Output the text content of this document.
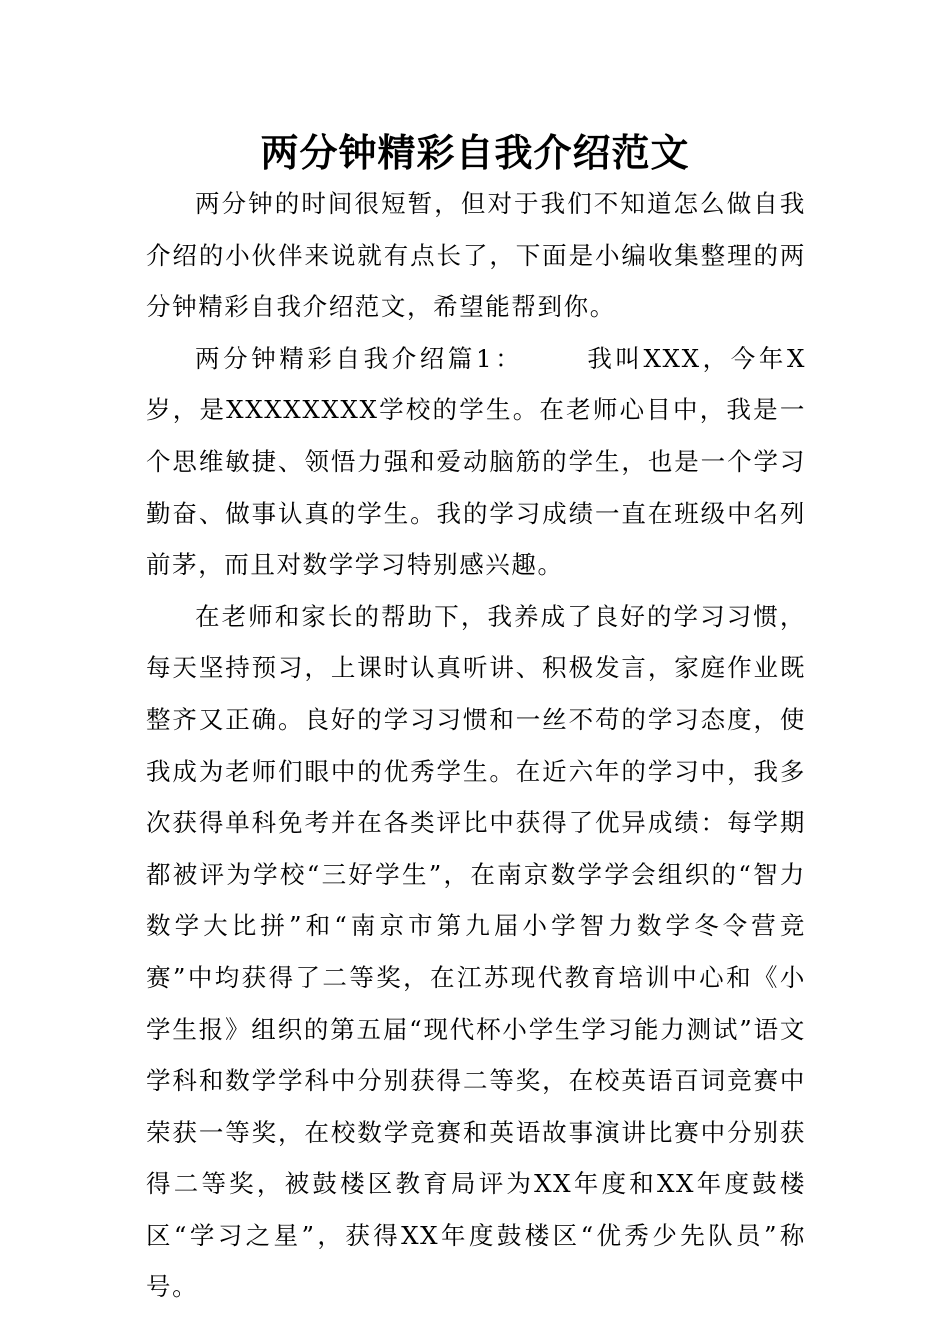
两分钟精彩自我介绍范文

两分钟的时间很短暂，但对于我们不知道怎么做自我介绍的小伙伴来说就有点长了，下面是小编收集整理的两分钟精彩自我介绍范文，希望能帮到你。

两分钟精彩自我介绍篇1：	我叫XXX，今年X岁，是XXXXXXXX学校的学生。在老师心目中，我是一个思维敏捷、领悟力强和爱动脑筋的学生，也是一个学习勤奋、做事认真的学生。我的学习成绩一直在班级中名列前茅，而且对数学学习特别感兴趣。

在老师和家长的帮助下，我养成了良好的学习习惯，每天坚持预习，上课时认真听讲、积极发言，家庭作业既整齐又正确。良好的学习习惯和一丝不苟的学习态度，使我成为老师们眼中的优秀学生。在近六年的学习中，我多次获得单科免考并在各类评比中获得了优异成绩：每学期都被评为学校“三好学生”，在南京数学学会组织的“智力数学大比拼”和“南京市第九届小学智力数学冬令营竞赛”中均获得了二等奖，在江苏现代教育培训中心和《小学生报》组织的第五届“现代杯小学生学习能力测试”语文学科和数学学科中分别获得二等奖，在校英语百词竞赛中荣获一等奖，在校数学竞赛和英语故事演讲比赛中分别获得二等奖，被鼓楼区教育局评为XX年度和XX年度鼓楼区“学习之星”，获得XX年度鼓楼区“优秀少先队员”称号。
